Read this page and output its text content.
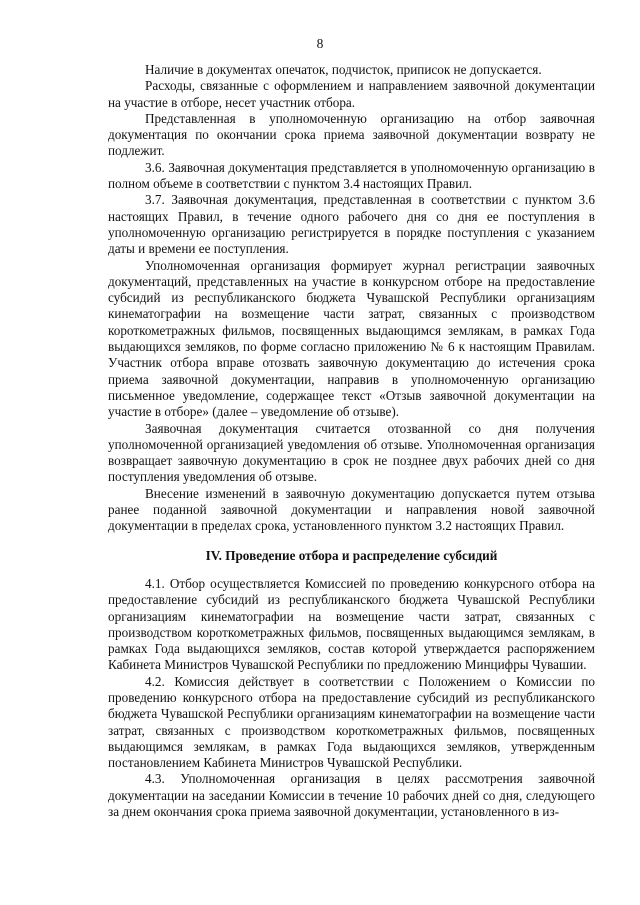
8

Наличие в документах опечаток, подчисток, приписок не допускается.

Расходы, связанные с оформлением и направлением заявочной документации на участие в отборе, несет участник отбора.

Представленная в уполномоченную организацию на отбор заявочная документация по окончании срока приема заявочной документации возврату не подлежит.

3.6. Заявочная документация представляется в уполномоченную организацию в полном объеме в соответствии с пунктом 3.4 настоящих Правил.

3.7. Заявочная документация, представленная в соответствии с пунктом 3.6 настоящих Правил, в течение одного рабочего дня со дня ее поступления в уполномоченную организацию регистрируется в порядке поступления с указанием даты и времени ее поступления.

Уполномоченная организация формирует журнал регистрации заявочных документаций, представленных на участие в конкурсном отборе на предоставление субсидий из республиканского бюджета Чувашской Республики организациям кинематографии на возмещение части затрат, связанных с производством короткометражных фильмов, посвященных выдающимся землякам, в рамках Года выдающихся земляков, по форме согласно приложению № 6 к настоящим Правилам. Участник отбора вправе отозвать заявочную документацию до истечения срока приема заявочной документации, направив в уполномоченную организацию письменное уведомление, содержащее текст «Отзыв заявочной документации на участие в отборе» (далее – уведомление об отзыве).

Заявочная документация считается отозванной со дня получения уполномоченной организацией уведомления об отзыве. Уполномоченная организация возвращает заявочную документацию в срок не позднее двух рабочих дней со дня поступления уведомления об отзыве.

Внесение изменений в заявочную документацию допускается путем отзыва ранее поданной заявочной документации и направления новой заявочной документации в пределах срока, установленного пунктом 3.2 настоящих Правил.

IV. Проведение отбора и распределение субсидий

4.1. Отбор осуществляется Комиссией по проведению конкурсного отбора на предоставление субсидий из республиканского бюджета Чувашской Республики организациям кинематографии на возмещение части затрат, связанных с производством короткометражных фильмов, посвященных выдающимся землякам, в рамках Года выдающихся земляков, состав которой утверждается распоряжением Кабинета Министров Чувашской Республики по предложению Минцифры Чувашии.

4.2. Комиссия действует в соответствии с Положением о Комиссии по проведению конкурсного отбора на предоставление субсидий из республиканского бюджета Чувашской Республики организациям кинематографии на возмещение части затрат, связанных с производством короткометражных фильмов, посвященных выдающимся землякам, в рамках Года выдающихся земляков, утвержденным постановлением Кабинета Министров Чувашской Республики.

4.3. Уполномоченная организация в целях рассмотрения заявочной документации на заседании Комиссии в течение 10 рабочих дней со дня, следующего за днем окончания срока приема заявочной документации, установленного в из-
